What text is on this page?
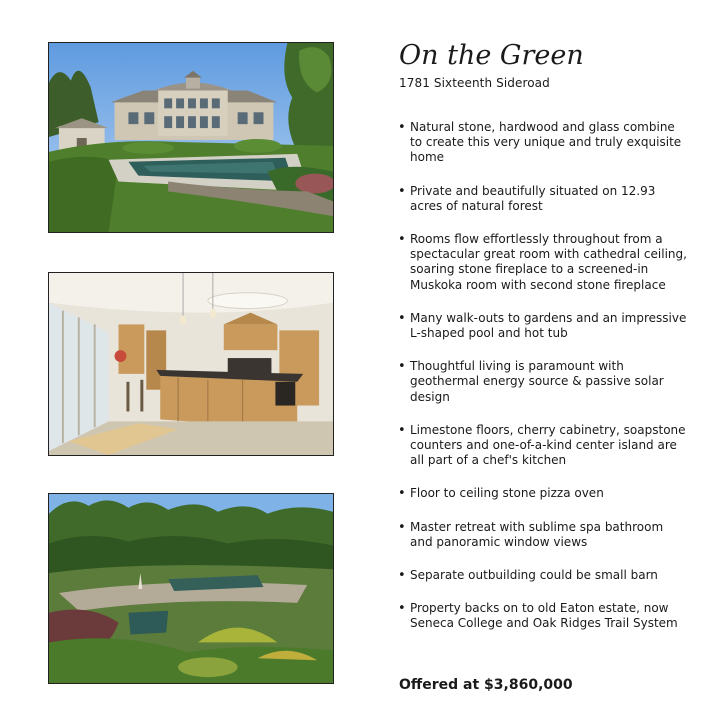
On the Green
1781 Sixteenth Sideroad
• Natural stone, hardwood and glass combine to create this very unique and truly exquisite home
• Private and beautifully situated on 12.93 acres of natural forest
• Rooms flow effortlessly throughout from a spectacular great room with cathedral ceiling, soaring stone fireplace to a screened-in Muskoka room with second stone fireplace
• Many walk-outs to gardens and an impressive L-shaped pool and hot tub
• Thoughtful living is paramount with geothermal energy source & passive solar design
• Limestone floors, cherry cabinetry, soapstone counters and one-of-a-kind center island are all part of a chef's kitchen
• Floor to ceiling stone pizza oven
• Master retreat with sublime spa bathroom and panoramic window views
• Separate outbuilding could be small barn
• Property backs on to old Eaton estate, now Seneca College and Oak Ridges Trail System
Offered at $3,860,000
